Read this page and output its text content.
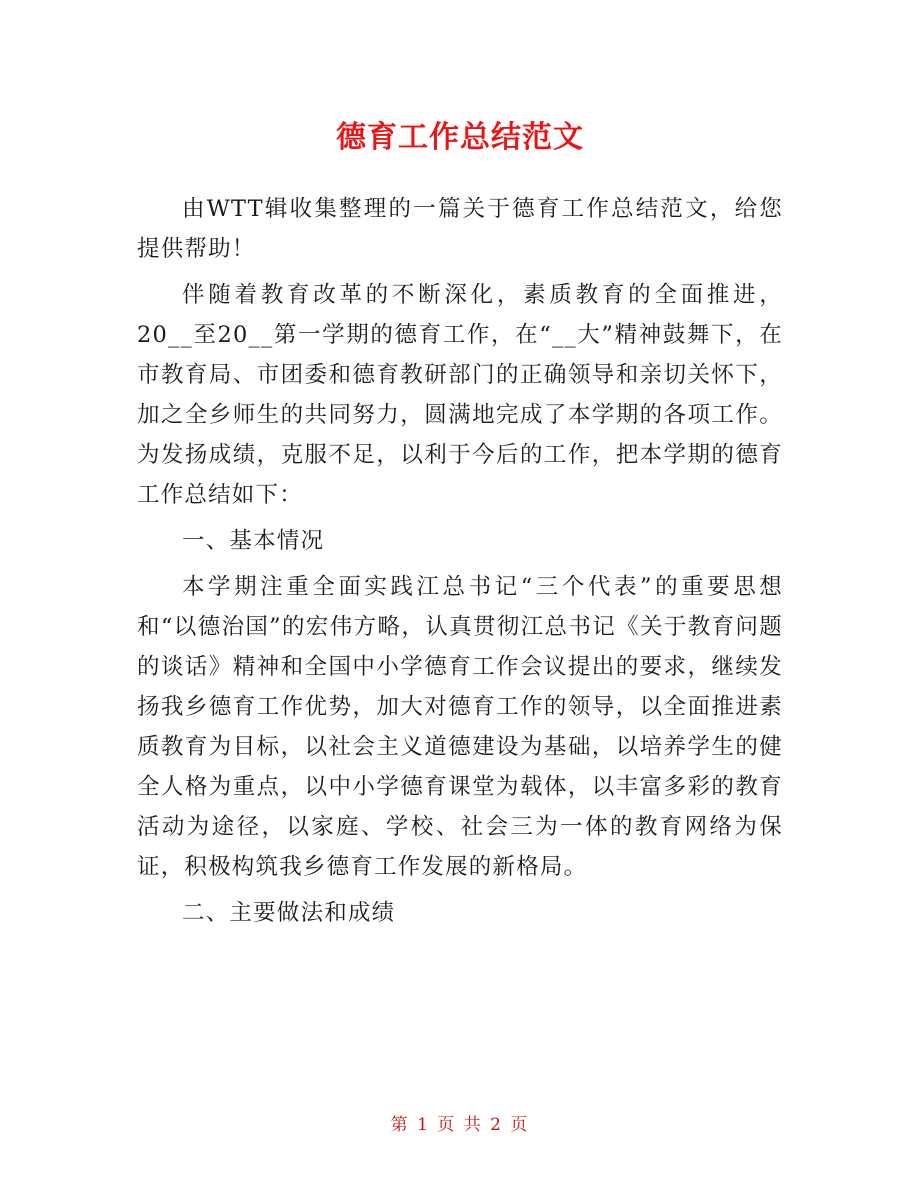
德育工作总结范文

由WTT辑收集整理的一篇关于德育工作总结范文，给您提供帮助！

伴随着教育改革的不断深化，素质教育的全面推进，20__至20__第一学期的德育工作，在“__大”精神鼓舞下，在市教育局、市团委和德育教研部门的正确领导和亲切关怀下，加之全乡师生的共同努力，圆满地完成了本学期的各项工作。为发扬成绩，克服不足，以利于今后的工作，把本学期的德育工作总结如下：

一、基本情况

本学期注重全面实践江总书记“三个代表”的重要思想和“以德治国”的宏伟方略，认真贯彻江总书记《关于教育问题的谈话》精神和全国中小学德育工作会议提出的要求，继续发扬我乡德育工作优势，加大对德育工作的领导，以全面推进素质教育为目标，以社会主义道德建设为基础，以培养学生的健全人格为重点，以中小学德育课堂为载体，以丰富多彩的教育活动为途径，以家庭、学校、社会三为一体的教育网络为保证，积极构筑我乡德育工作发展的新格局。

二、主要做法和成绩

第 1 页 共 2 页
